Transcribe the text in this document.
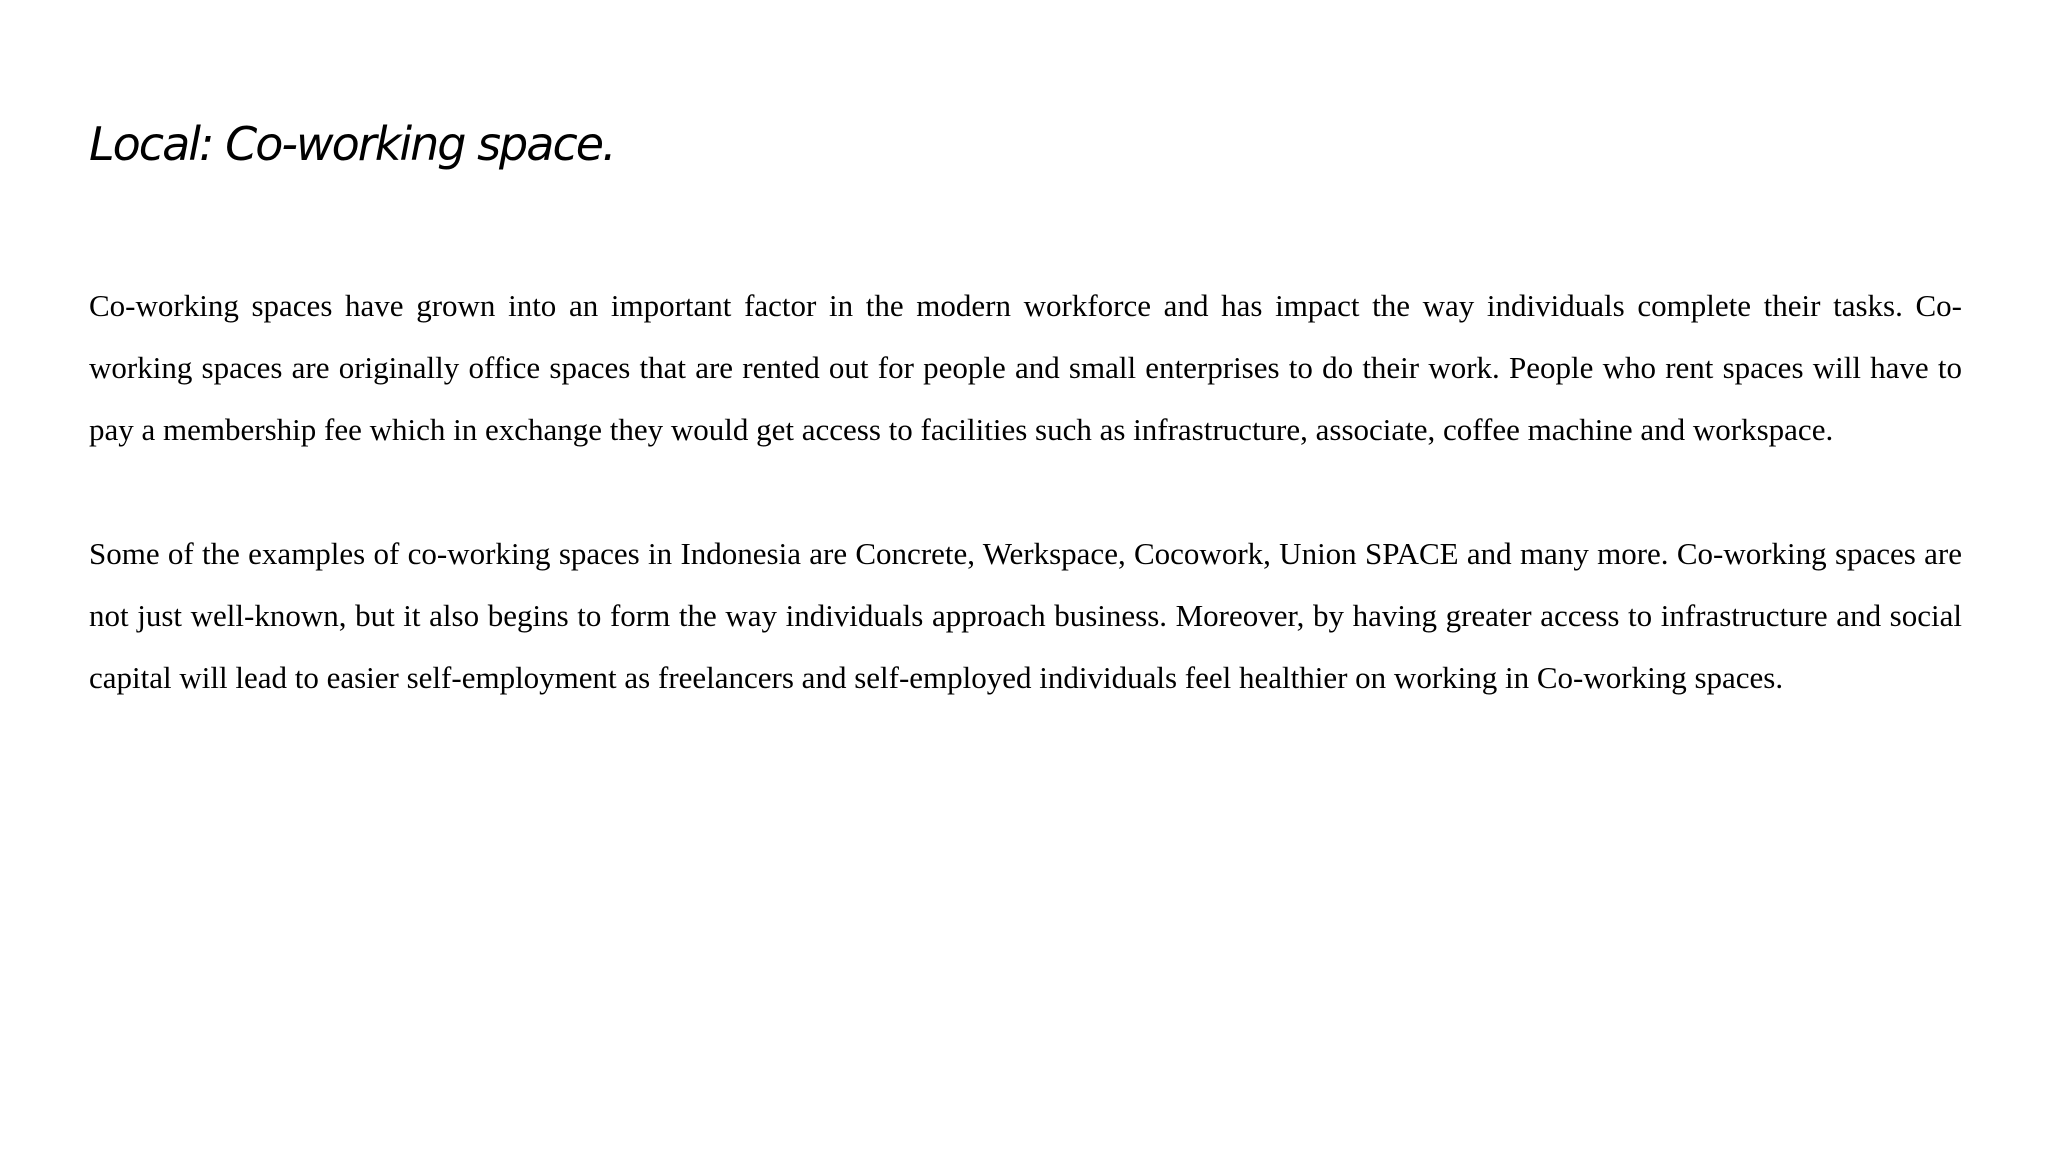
Local: Co-working space.

Co-working spaces have grown into an important factor in the modern workforce and has impact the way individuals complete their tasks. Co-working spaces are originally office spaces that are rented out for people and small enterprises to do their work. People who rent spaces will have to pay a membership fee which in exchange they would get access to facilities such as infrastructure, associate, coffee machine and workspace.

Some of the examples of co-working spaces in Indonesia are Concrete, Werkspace, Cocowork, Union SPACE and many more. Co-working spaces are not just well-known, but it also begins to form the way individuals approach business. Moreover, by having greater access to infrastructure and social capital will lead to easier self-employment as freelancers and self-employed individuals feel healthier on working in Co-working spaces.
